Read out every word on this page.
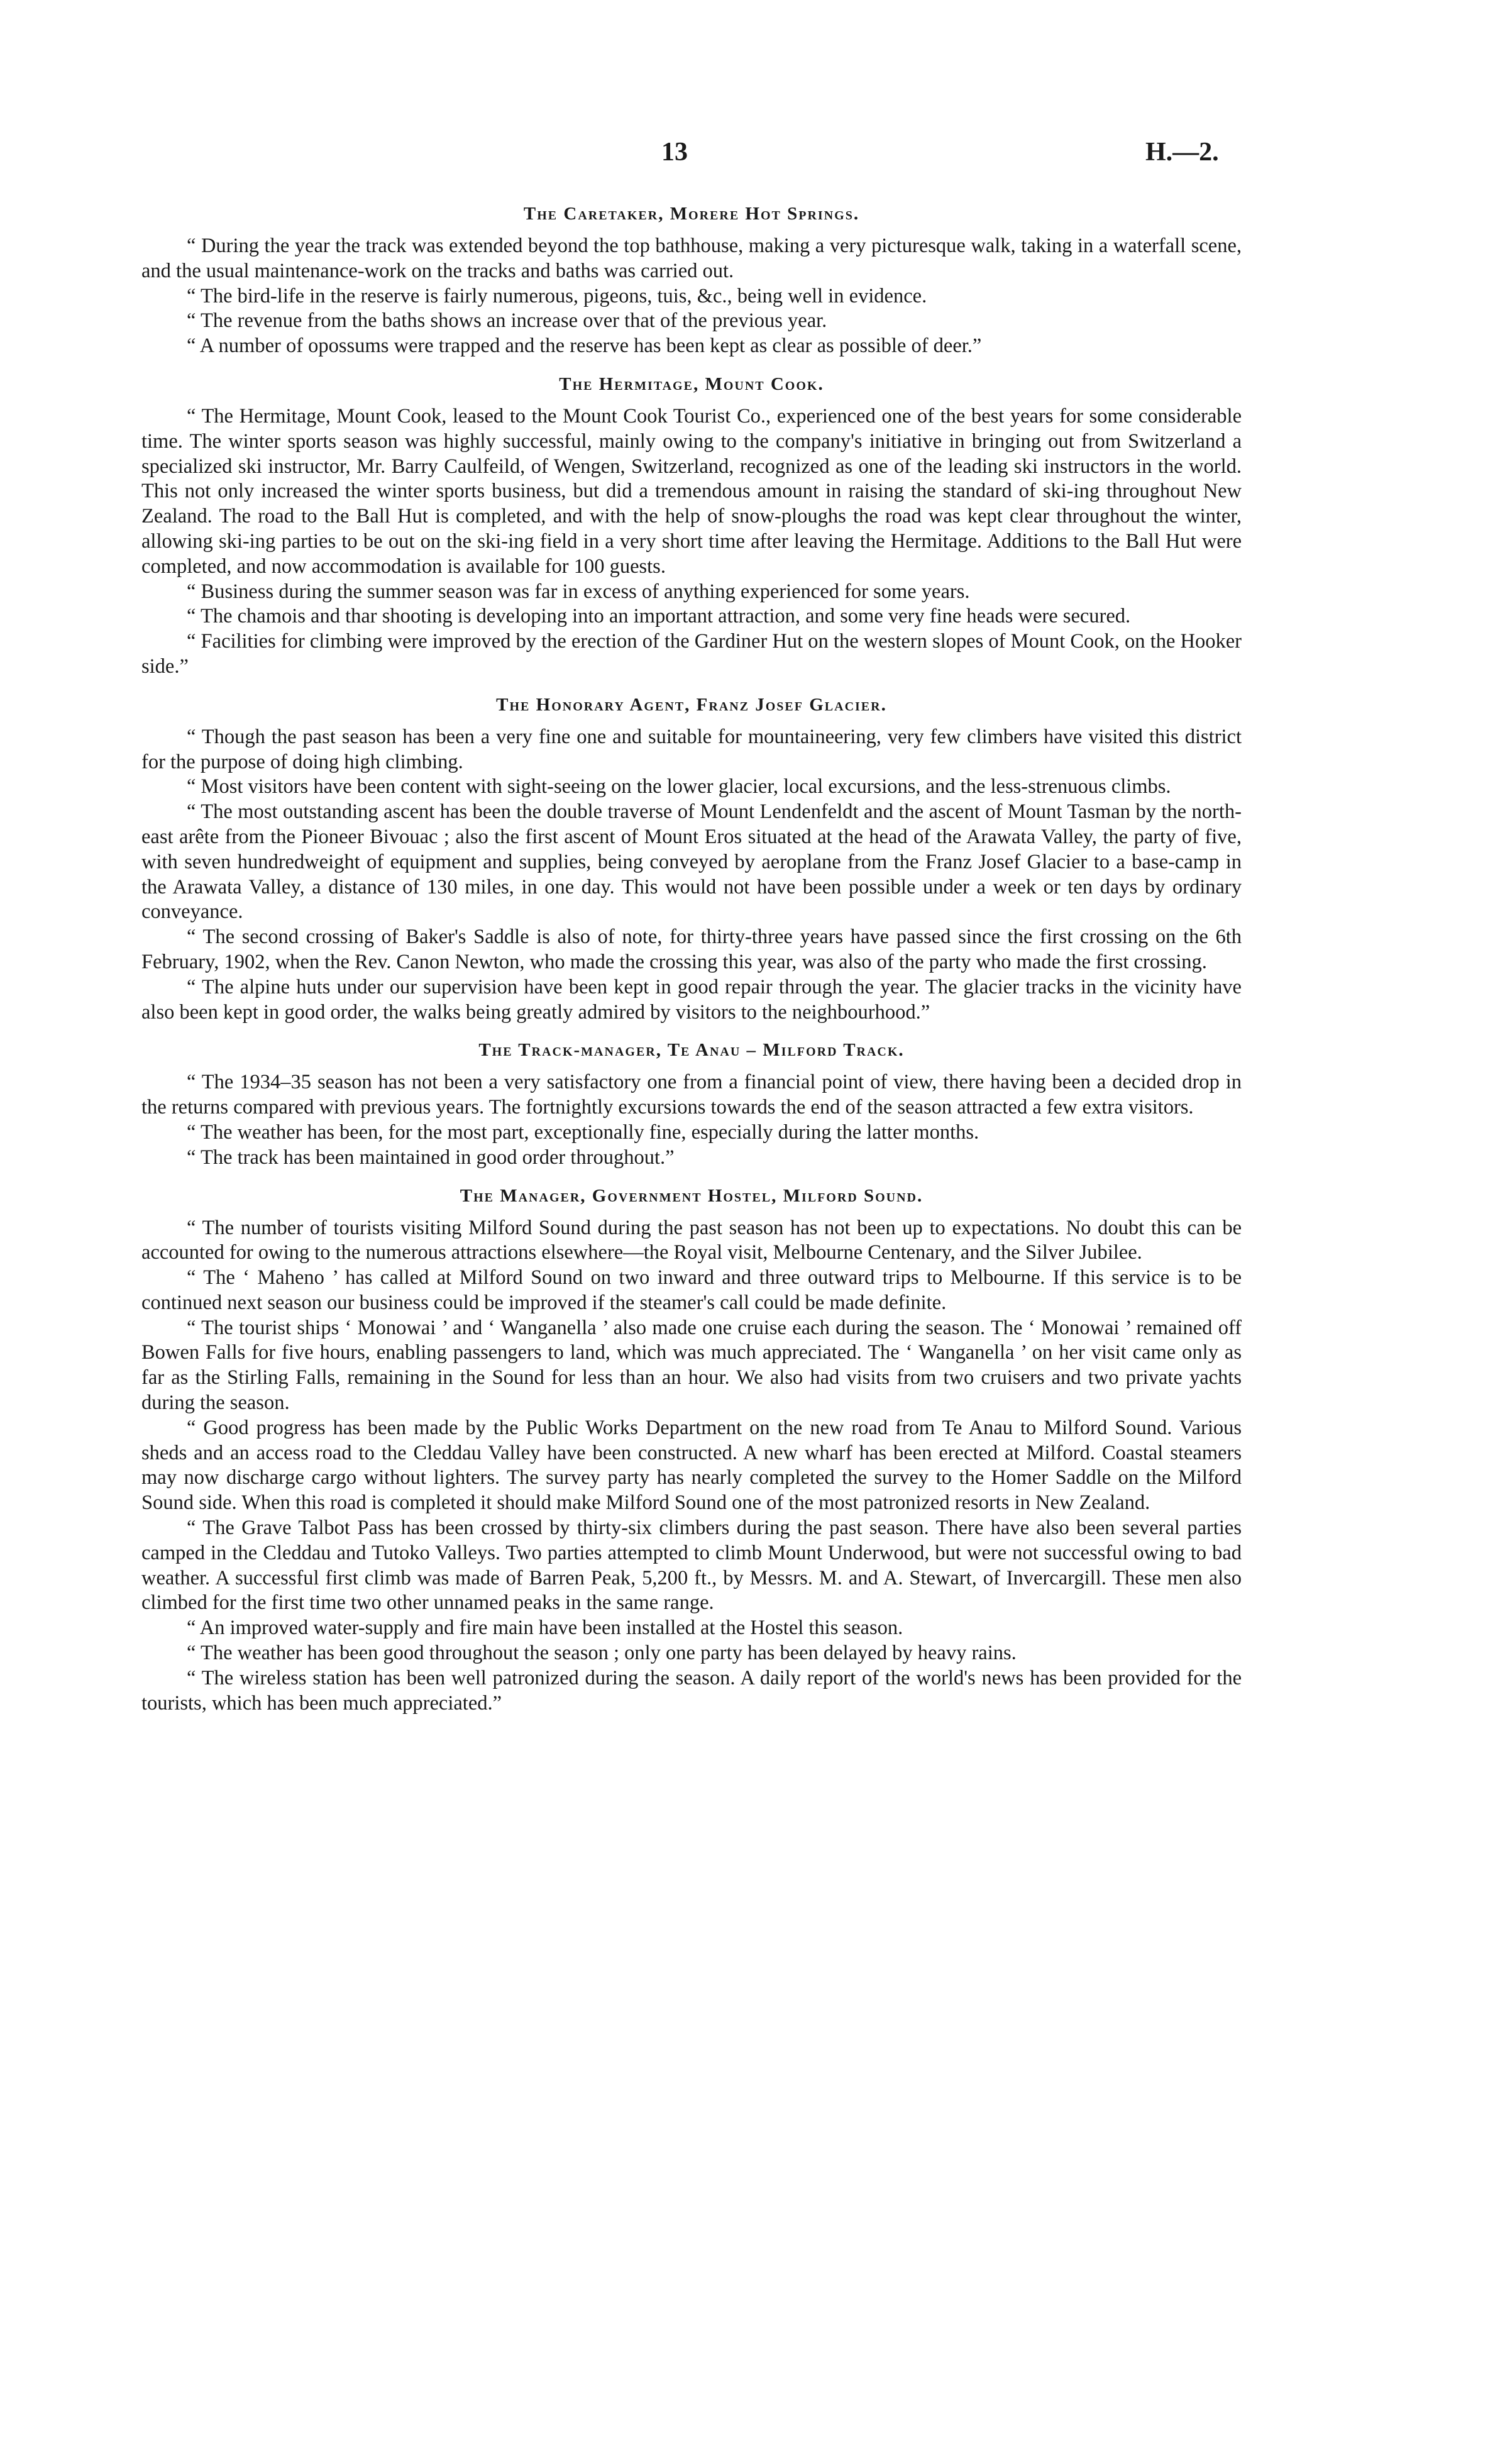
13	H.—2.
The Caretaker, Morere Hot Springs.

“ During the year the track was extended beyond the top bathhouse, making a very picturesque walk, taking in a waterfall scene, and the usual maintenance-work on the tracks and baths was carried out.

“ The bird-life in the reserve is fairly numerous, pigeons, tuis, &c., being well in evidence.

“ The revenue from the baths shows an increase over that of the previous year.

“ A number of opossums were trapped and the reserve has been kept as clear as possible of deer.”

The Hermitage, Mount Cook.

“ The Hermitage, Mount Cook, leased to the Mount Cook Tourist Co., experienced one of the best years for some considerable time. The winter sports season was highly successful, mainly owing to the company's initiative in bringing out from Switzerland a specialized ski instructor, Mr. Barry Caulfeild, of Wengen, Switzerland, recognized as one of the leading ski instructors in the world. This not only increased the winter sports business, but did a tremendous amount in raising the standard of ski-ing throughout New Zealand. The road to the Ball Hut is completed, and with the help of snow-ploughs the road was kept clear throughout the winter, allowing ski-ing parties to be out on the ski-ing field in a very short time after leaving the Hermitage. Additions to the Ball Hut were completed, and now accommodation is available for 100 guests.

“ Business during the summer season was far in excess of anything experienced for some years.

“ The chamois and thar shooting is developing into an important attraction, and some very fine heads were secured.

“ Facilities for climbing were improved by the erection of the Gardiner Hut on the western slopes of Mount Cook, on the Hooker side.”

The Honorary Agent, Franz Josef Glacier.

“ Though the past season has been a very fine one and suitable for mountaineering, very few climbers have visited this district for the purpose of doing high climbing.

“ Most visitors have been content with sight-seeing on the lower glacier, local excursions, and the less-strenuous climbs.

“ The most outstanding ascent has been the double traverse of Mount Lendenfeldt and the ascent of Mount Tasman by the north-east arête from the Pioneer Bivouac ; also the first ascent of Mount Eros situated at the head of the Arawata Valley, the party of five, with seven hundredweight of equipment and supplies, being conveyed by aeroplane from the Franz Josef Glacier to a base-camp in the Arawata Valley, a distance of 130 miles, in one day. This would not have been possible under a week or ten days by ordinary conveyance.

“ The second crossing of Baker's Saddle is also of note, for thirty-three years have passed since the first crossing on the 6th February, 1902, when the Rev. Canon Newton, who made the crossing this year, was also of the party who made the first crossing.

“ The alpine huts under our supervision have been kept in good repair through the year. The glacier tracks in the vicinity have also been kept in good order, the walks being greatly admired by visitors to the neighbourhood.”

The Track-manager, Te Anau – Milford Track.

“ The 1934–35 season has not been a very satisfactory one from a financial point of view, there having been a decided drop in the returns compared with previous years. The fortnightly excursions towards the end of the season attracted a few extra visitors.

“ The weather has been, for the most part, exceptionally fine, especially during the latter months.

“ The track has been maintained in good order throughout.”

The Manager, Government Hostel, Milford Sound.

“ The number of tourists visiting Milford Sound during the past season has not been up to expectations. No doubt this can be accounted for owing to the numerous attractions elsewhere—the Royal visit, Melbourne Centenary, and the Silver Jubilee.

“ The ‘ Maheno ’ has called at Milford Sound on two inward and three outward trips to Melbourne. If this service is to be continued next season our business could be improved if the steamer's call could be made definite.

“ The tourist ships ‘ Monowai ’ and ‘ Wanganella ’ also made one cruise each during the season. The ‘ Monowai ’ remained off Bowen Falls for five hours, enabling passengers to land, which was much appreciated. The ‘ Wanganella ’ on her visit came only as far as the Stirling Falls, remaining in the Sound for less than an hour. We also had visits from two cruisers and two private yachts during the season.

“ Good progress has been made by the Public Works Department on the new road from Te Anau to Milford Sound. Various sheds and an access road to the Cleddau Valley have been constructed. A new wharf has been erected at Milford. Coastal steamers may now discharge cargo without lighters. The survey party has nearly completed the survey to the Homer Saddle on the Milford Sound side. When this road is completed it should make Milford Sound one of the most patronized resorts in New Zealand.

“ The Grave Talbot Pass has been crossed by thirty-six climbers during the past season. There have also been several parties camped in the Cleddau and Tutoko Valleys. Two parties attempted to climb Mount Underwood, but were not successful owing to bad weather. A successful first climb was made of Barren Peak, 5,200 ft., by Messrs. M. and A. Stewart, of Invercargill. These men also climbed for the first time two other unnamed peaks in the same range.

“ An improved water-supply and fire main have been installed at the Hostel this season.

“ The weather has been good throughout the season ; only one party has been delayed by heavy rains.

“ The wireless station has been well patronized during the season. A daily report of the world's news has been provided for the tourists, which has been much appreciated.”
